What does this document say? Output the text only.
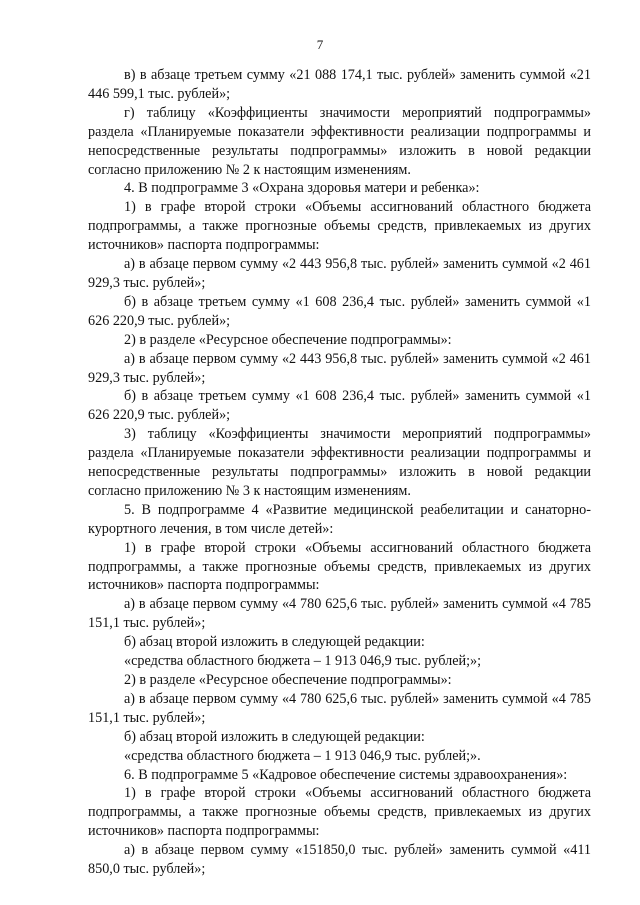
7

в) в абзаце третьем сумму «21 088 174,1 тыс. рублей» заменить суммой «21 446 599,1 тыс. рублей»;

г) таблицу «Коэффициенты значимости мероприятий подпрограммы» раздела «Планируемые показатели эффективности реализации подпрограммы и непосредственные результаты подпрограммы» изложить в новой редакции согласно приложению № 2 к настоящим изменениям.

4. В подпрограмме 3 «Охрана здоровья матери и ребенка»:

1) в графе второй строки «Объемы ассигнований областного бюджета подпрограммы, а также прогнозные объемы средств, привлекаемых из других источников» паспорта подпрограммы:

а) в абзаце первом сумму «2 443 956,8 тыс. рублей» заменить суммой «2 461 929,3 тыс. рублей»;

б) в абзаце третьем сумму «1 608 236,4 тыс. рублей» заменить суммой «1 626 220,9 тыс. рублей»;

2) в разделе «Ресурсное обеспечение подпрограммы»:

а) в абзаце первом сумму «2 443 956,8 тыс. рублей» заменить суммой «2 461 929,3 тыс. рублей»;

б) в абзаце третьем сумму «1 608 236,4 тыс. рублей» заменить суммой «1 626 220,9 тыс. рублей»;

3) таблицу «Коэффициенты значимости мероприятий подпрограммы» раздела «Планируемые показатели эффективности реализации подпрограммы и непосредственные результаты подпрограммы» изложить в новой редакции согласно приложению № 3 к настоящим изменениям.

5. В подпрограмме 4 «Развитие медицинской реабелитации и санаторно-курортного лечения, в том числе детей»:

1) в графе второй строки «Объемы ассигнований областного бюджета подпрограммы, а также прогнозные объемы средств, привлекаемых из других источников» паспорта подпрограммы:

а) в абзаце первом сумму «4 780 625,6 тыс. рублей» заменить суммой «4 785 151,1 тыс. рублей»;

б) абзац второй изложить в следующей редакции:

«средства областного бюджета – 1 913 046,9 тыс. рублей;»;

2) в разделе «Ресурсное обеспечение подпрограммы»:

а) в абзаце первом сумму «4 780 625,6 тыс. рублей» заменить суммой «4 785 151,1 тыс. рублей»;

б) абзац второй изложить в следующей редакции:

«средства областного бюджета – 1 913 046,9 тыс. рублей;».

6. В подпрограмме 5 «Кадровое обеспечение системы здравоохранения»:

1) в графе второй строки «Объемы ассигнований областного бюджета подпрограммы, а также прогнозные объемы средств, привлекаемых из других источников» паспорта подпрограммы:

а) в абзаце первом сумму «151850,0 тыс. рублей» заменить суммой «411 850,0 тыс. рублей»;
